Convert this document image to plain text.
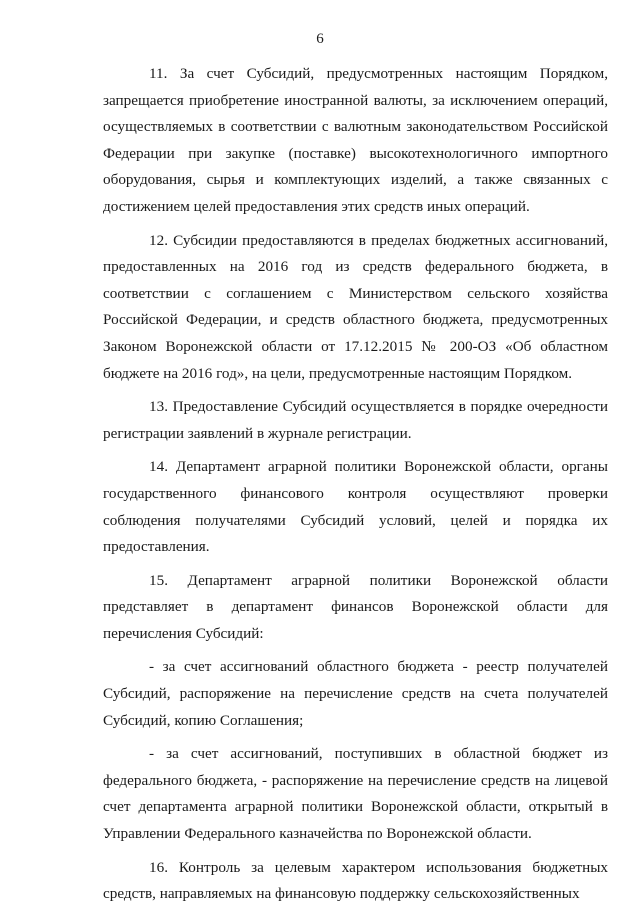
6

11. За счет Субсидий, предусмотренных настоящим Порядком, запрещается приобретение иностранной валюты, за исключением операций, осуществляемых в соответствии с валютным законодательством Российской Федерации при закупке (поставке) высокотехнологичного импортного оборудования, сырья и комплектующих изделий, а также связанных с достижением целей предоставления этих средств иных операций.

12. Субсидии предоставляются в пределах бюджетных ассигнований, предоставленных на 2016 год из средств федерального бюджета, в соответствии с соглашением с Министерством сельского хозяйства Российской Федерации, и средств областного бюджета, предусмотренных Законом Воронежской области от 17.12.2015 № 200-ОЗ «Об областном бюджете на 2016 год», на цели, предусмотренные настоящим Порядком.

13. Предоставление Субсидий осуществляется в порядке очередности регистрации заявлений в журнале регистрации.

14. Департамент аграрной политики Воронежской области, органы государственного финансового контроля осуществляют проверки соблюдения получателями Субсидий условий, целей и порядка их предоставления.

15. Департамент аграрной политики Воронежской области представляет в департамент финансов Воронежской области для перечисления Субсидий:

- за счет ассигнований областного бюджета - реестр получателей Субсидий, распоряжение на перечисление средств на счета получателей Субсидий, копию Соглашения;

- за счет ассигнований, поступивших в областной бюджет из федерального бюджета, - распоряжение на перечисление средств на лицевой счет департамента аграрной политики Воронежской области, открытый в Управлении Федерального казначейства по Воронежской области.

16. Контроль за целевым характером использования бюджетных средств, направляемых на финансовую поддержку сельскохозяйственных
